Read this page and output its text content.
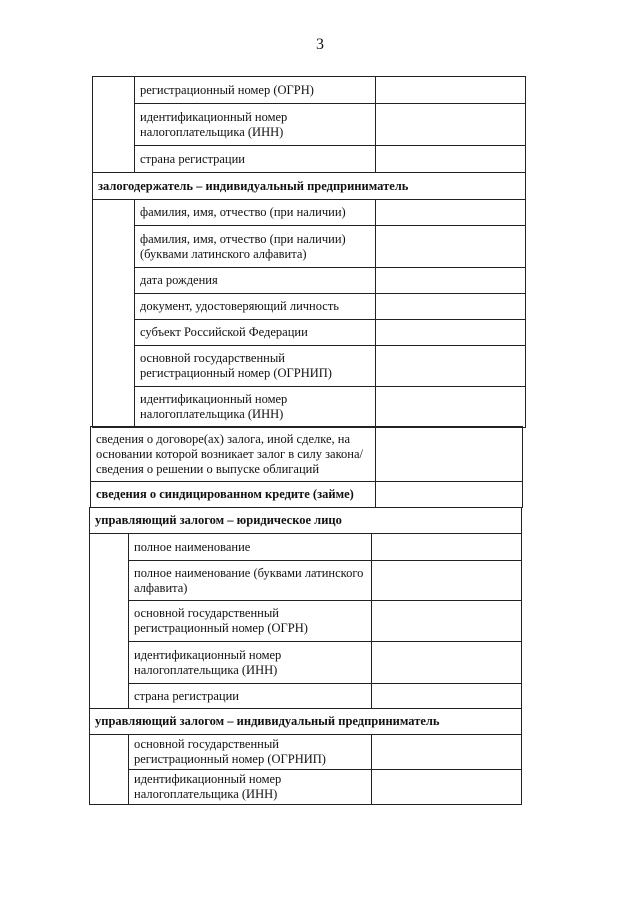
3
	регистрационный номер (ОГРН)	
	идентификационный номер налогоплательщика (ИНН)	
	страна регистрации	
залогодержатель – индивидуальный предприниматель		
	фамилия, имя, отчество (при наличии)	
	фамилия, имя, отчество (при наличии) (буквами латинского алфавита)	
	дата рождения	
	документ, удостоверяющий личность	
	субъект Российской Федерации	
	основной государственный регистрационный номер (ОГРНИП)	
	идентификационный номер налогоплательщика (ИНН)	
сведения о договоре(ах) залога, иной сделке, на основании которой возникает залог в силу закона/сведения о решении о выпуске облигаций	
сведения о синдицированном кредите (займе)	
управляющий залогом – юридическое лицо		
	полное наименование	
	полное наименование (буквами латинского алфавита)	
	основной государственный регистрационный номер (ОГРН)	
	идентификационный номер налогоплательщика (ИНН)	
	страна регистрации	
управляющий залогом – индивидуальный предприниматель		
	основной государственный регистрационный номер (ОГРНИП)	
	идентификационный номер налогоплательщика (ИНН)	
